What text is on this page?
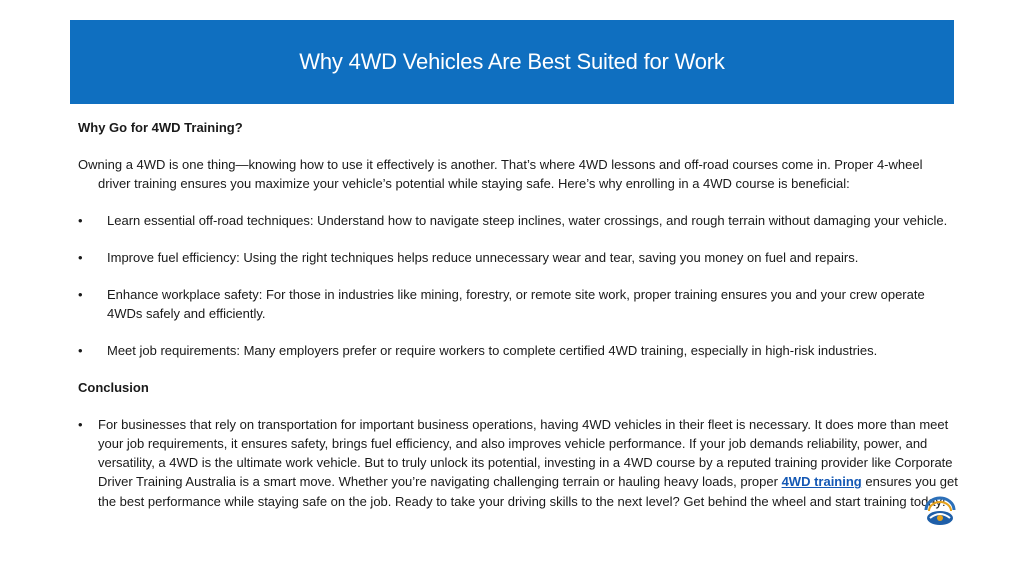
Why 4WD Vehicles Are Best Suited for Work

Why Go for 4WD Training?

Owning a 4WD is one thing—knowing how to use it effectively is another. That’s where 4WD lessons and off-road courses come in. Proper 4-wheel driver training ensures you maximize your vehicle’s potential while staying safe. Here’s why enrolling in a 4WD course is beneficial:

• Learn essential off-road techniques: Understand how to navigate steep inclines, water crossings, and rough terrain without damaging your vehicle.
• Improve fuel efficiency: Using the right techniques helps reduce unnecessary wear and tear, saving you money on fuel and repairs.
• Enhance workplace safety: For those in industries like mining, forestry, or remote site work, proper training ensures you and your crew operate 4WDs safely and efficiently.
• Meet job requirements: Many employers prefer or require workers to complete certified 4WD training, especially in high-risk industries.

Conclusion

• For businesses that rely on transportation for important business operations, having 4WD vehicles in their fleet is necessary. It does more than meet your job requirements, it ensures safety, brings fuel efficiency, and also improves vehicle performance. If your job demands reliability, power, and versatility, a 4WD is the ultimate work vehicle. But to truly unlock its potential, investing in a 4WD course by a reputed training provider like Corporate Driver Training Australia is a smart move. Whether you’re navigating challenging terrain or hauling heavy loads, proper 4WD training ensures you get the best performance while staying safe on the job. Ready to take your driving skills to the next level? Get behind the wheel and start training today!
